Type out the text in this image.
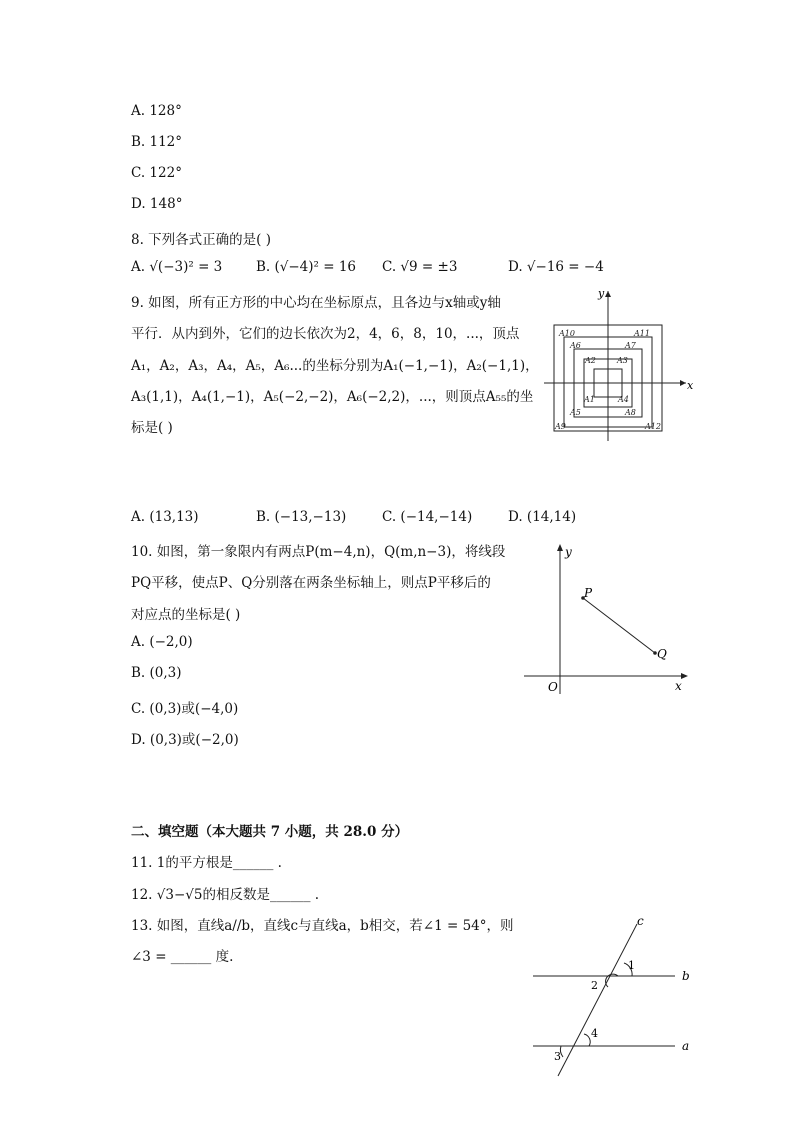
A. 128°
B. 112°
C. 122°
D. 148°
8. 下列各式正确的是( )
A. √(−3)² = 3 B. (√−4)² = 16 C. √9 = ±3	D. √−16 = −4
9. 如图，所有正方形的中心均在坐标原点，且各边与x轴或y轴
平行．从内到外，它们的边长依次为2，4，6，8，10，...，顶点
A₁，A₂，A₃，A₄，A₅，A₆...的坐标分别为A₁(−1,−1)，A₂(−1,1)，
A₃(1,1)，A₄(1,−1)，A₅(−2,−2)，A₆(−2,2)，...，则顶点A₅₅的坐
标是( )
x
y
A10	A11
A6	A7
A2	A3
A1	A4
A5	A8
A9	A12
A. (13,13)	B. (−13,−13)	C. (−14,−14)	D. (14,14)
10. 如图，第一象限内有两点P(m−4,n)，Q(m,n−3)，将线段
PQ平移，使点P、Q分别落在两条坐标轴上，则点P平移后的
对应点的坐标是( )
A. (−2,0)
B. (0,3)
C. (0,3)或(−4,0)
D. (0,3)或(−2,0)
y
x
O
P
Q
二、填空题（本大题共 7 小题，共 28.0 分）
11. 1的平方根是______ .
12. √3−√5的相反数是______ .
13. 如图，直线a//b，直线c与直线a，b相交，若∠1 = 54°，则
∠3 = ______ 度.
c
b
a
1
2
3
4
